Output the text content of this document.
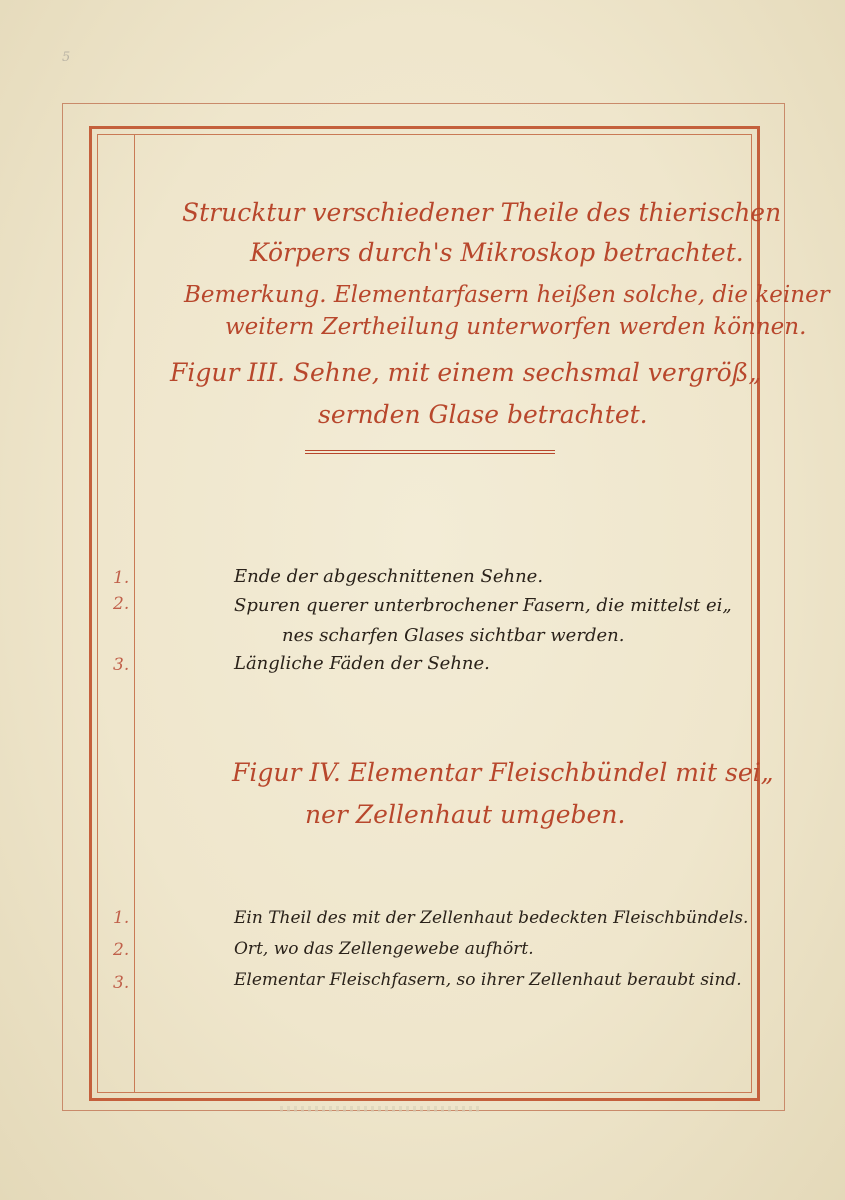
5
Strucktur verschiedener Theile des thierischen
Körpers durch's Mikroskop betrachtet.
Bemerkung. Elementarfasern heißen solche, die keiner
weitern Zertheilung unterworfen werden können.
Figur III. Sehne, mit einem sechsmal vergröß„
sernden Glase betrachtet.
1.	Ende der abgeschnittenen Sehne.
2.	Spuren querer unterbrochener Fasern, die mittelst ei„
nes scharfen Glases sichtbar werden.
3.	Längliche Fäden der Sehne.
Figur IV. Elementar Fleischbündel mit sei„
ner Zellenhaut umgeben.
1.	Ein Theil des mit der Zellenhaut bedeckten Fleischbündels.
2.	Ort, wo das Zellengewebe aufhört.
3.	Elementar Fleischfasern, so ihrer Zellenhaut beraubt sind.
